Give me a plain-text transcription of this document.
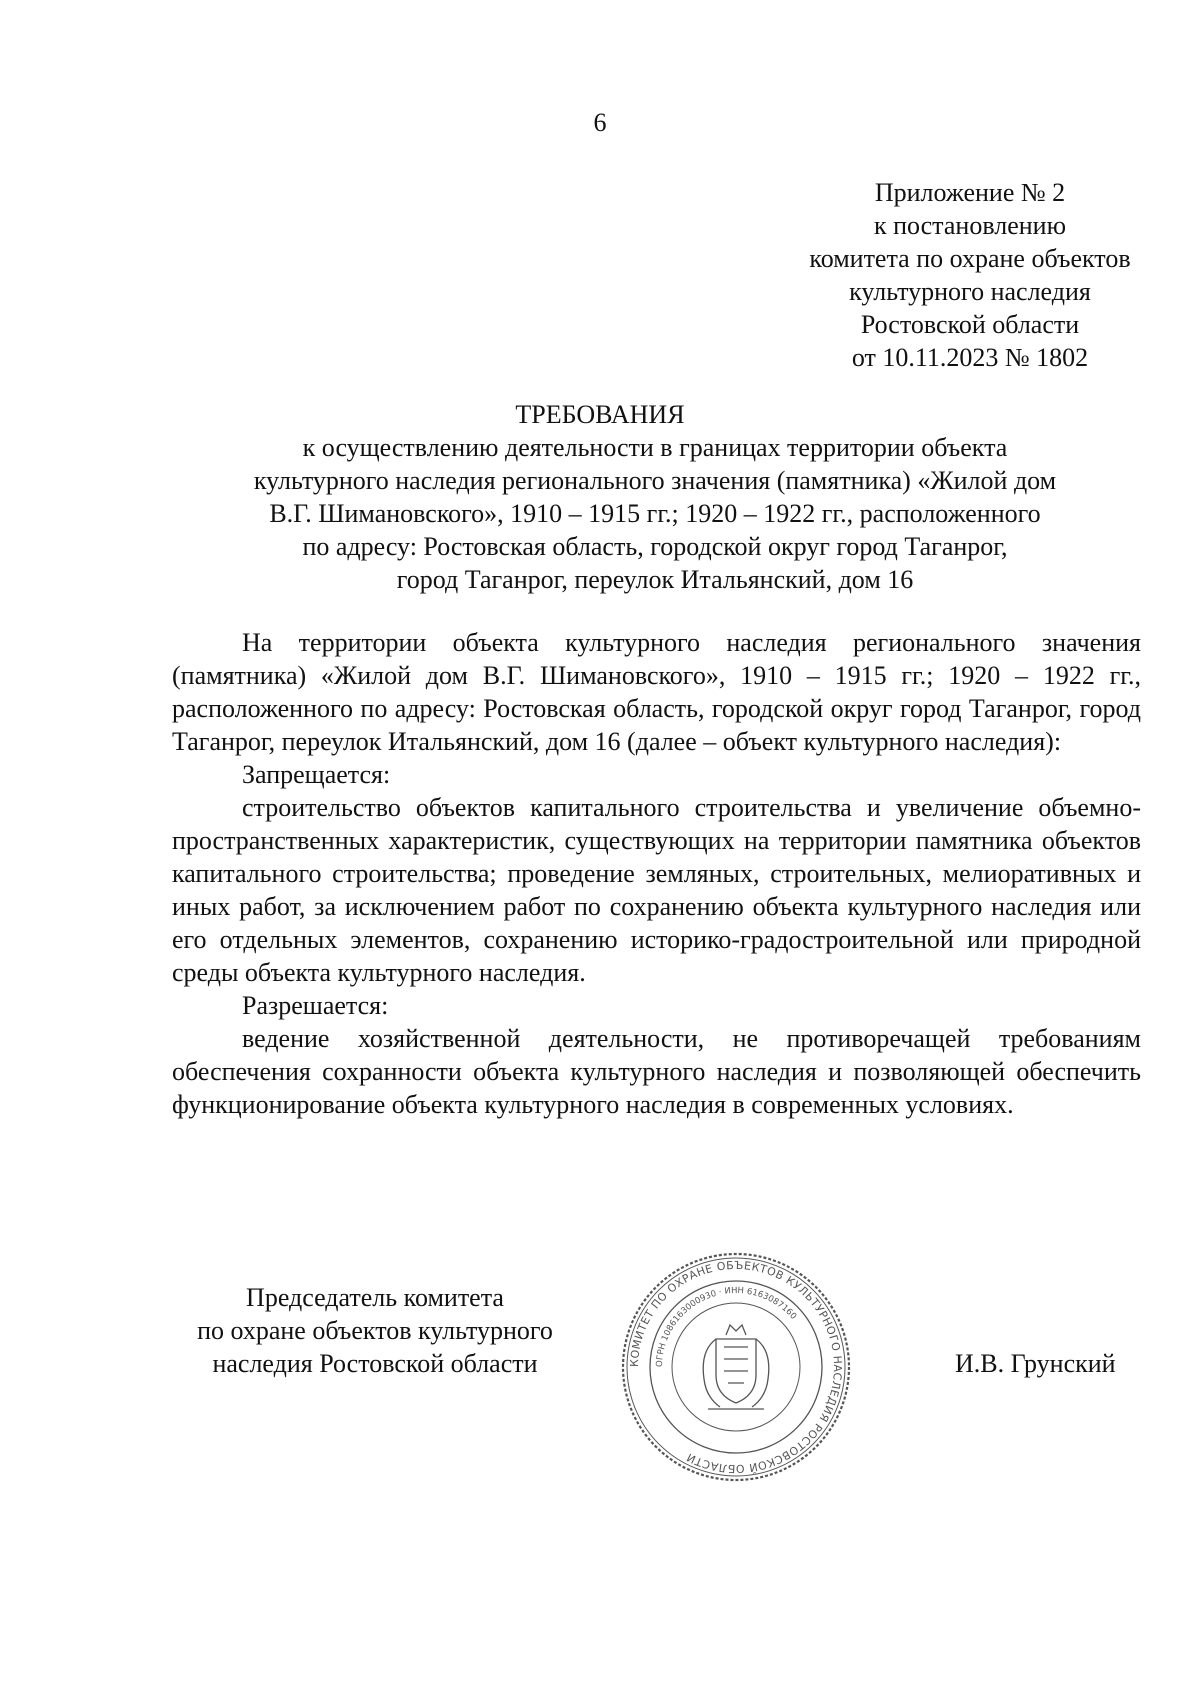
6
Приложение № 2
к постановлению
комитета по охране объектов
культурного наследия
Ростовской области
от 10.11.2023 № 1802
ТРЕБОВАНИЯ
к осуществлению деятельности в границах территории объекта
культурного наследия регионального значения (памятника) «Жилой дом
В.Г. Шимановского», 1910 – 1915 гг.; 1920 – 1922 гг., расположенного
по адресу: Ростовская область, городской округ город Таганрог,
город Таганрог, переулок Итальянский, дом 16

На территории объекта культурного наследия регионального значения (памятника) «Жилой дом В.Г. Шимановского», 1910 – 1915 гг.; 1920 – 1922 гг., расположенного по адресу: Ростовская область, городской округ город Таганрог, город Таганрог, переулок Итальянский, дом 16 (далее – объект культурного наследия):

Запрещается:

строительство объектов капитального строительства и увеличение объемно-пространственных характеристик, существующих на территории памятника объектов капитального строительства; проведение земляных, строительных, мелиоративных и иных работ, за исключением работ по сохранению объекта культурного наследия или его отдельных элементов, сохранению историко-градостроительной или природной среды объекта культурного наследия.

Разрешается:

ведение хозяйственной деятельности, не противоречащей требованиям обеспечения сохранности объекта культурного наследия и позволяющей обеспечить функционирование объекта культурного наследия в современных условиях.

Председатель комитета
по охране объектов культурного
наследия Ростовской области	КОМИТЕТ ПО ОХРАНЕ ОБЪЕКТОВ КУЛЬТУРНОГО НАСЛЕДИЯ РОСТОВСКОЙ ОБЛАСТИ
ОГРН 1086163000930 · ИНН 6163087160
И.В. Грунский
